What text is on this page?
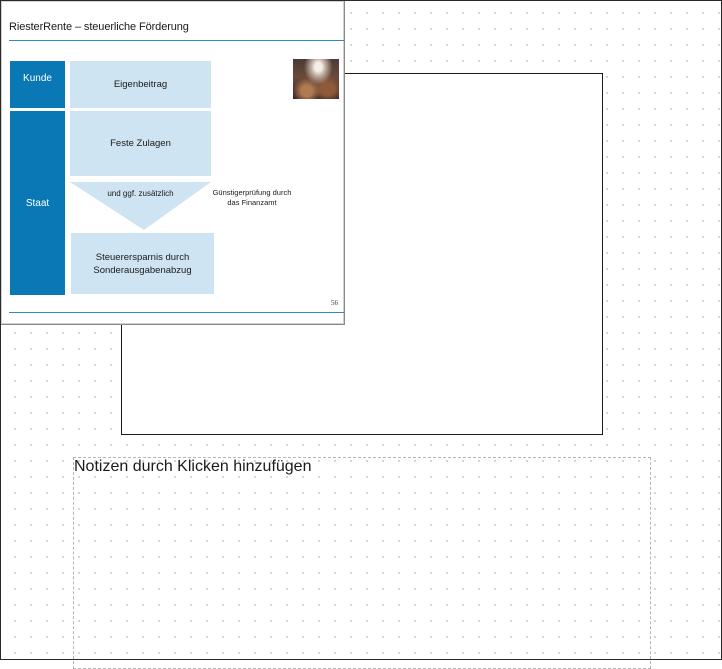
RiesterRente – steuerliche Förderung
Kunde
Staat
Eigenbeitrag
Feste Zulagen
und ggf. zusätzlich	Günstigerprüfung durch das Finanzamt
Steuerersparnis durch Sonderausgabenabzug
56
Notizen durch Klicken hinzufügen
